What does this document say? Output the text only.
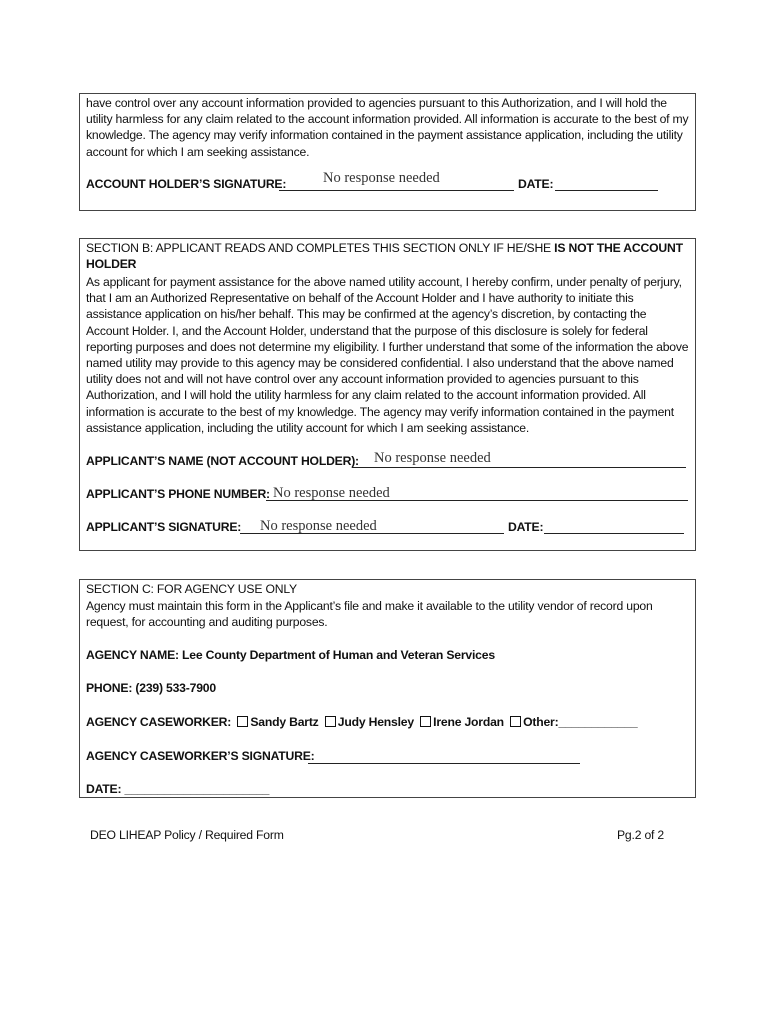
have control over any account information provided to agencies pursuant to this Authorization, and I will hold the utility harmless for any claim related to the account information provided. All information is accurate to the best of my knowledge. The agency may verify information contained in the payment assistance application, including the utility account for which I am seeking assistance.
ACCOUNT HOLDER’S SIGNATURE:	No response needed	DATE:
SECTION B: APPLICANT READS AND COMPLETES THIS SECTION ONLY IF HE/SHE IS NOT THE ACCOUNT HOLDER
As applicant for payment assistance for the above named utility account, I hereby confirm, under penalty of perjury, that I am an Authorized Representative on behalf of the Account Holder and I have authority to initiate this assistance application on his/her behalf. This may be confirmed at the agency’s discretion, by contacting the Account Holder. I, and the Account Holder, understand that the purpose of this disclosure is solely for federal reporting purposes and does not determine my eligibility. I further understand that some of the information the above named utility may provide to this agency may be considered confidential. I also understand that the above named utility does not and will not have control over any account information provided to agencies pursuant to this Authorization, and I will hold the utility harmless for any claim related to the account information provided. All information is accurate to the best of my knowledge. The agency may verify information contained in the payment assistance application, including the utility account for which I am seeking assistance.
APPLICANT’S NAME (NOT ACCOUNT HOLDER): No response needed
APPLICANT’S PHONE NUMBER: No response needed
APPLICANT’S SIGNATURE: No response needed	DATE:
SECTION C: FOR AGENCY USE ONLY
Agency must maintain this form in the Applicant’s file and make it available to the utility vendor of record upon request, for accounting and auditing purposes.
AGENCY NAME: Lee County Department of Human and Veteran Services
PHONE: (239) 533-7900
AGENCY CASEWORKER: Sandy Bartz Judy Hensley Irene Jordan Other:____________
AGENCY CASEWORKER’S SIGNATURE:
DATE: ______________________
DEO LIHEAP Policy / Required Form	Pg.2 of 2
